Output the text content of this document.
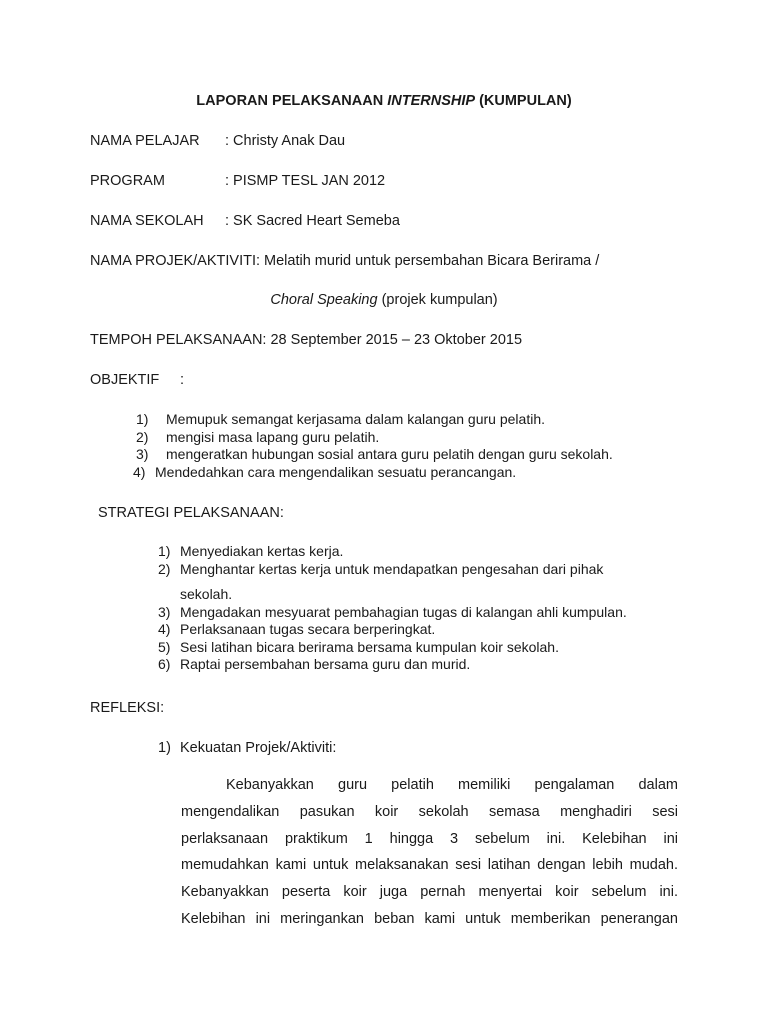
LAPORAN PELAKSANAAN INTERNSHIP (KUMPULAN)
NAMA PELAJAR : Christy Anak Dau
PROGRAM	: PISMP TESL JAN 2012
NAMA SEKOLAH : SK Sacred Heart Semeba
NAMA PROJEK/AKTIVITI: Melatih murid untuk persembahan Bicara Berirama /
Choral Speaking (projek kumpulan)
TEMPOH PELAKSANAAN: 28 September 2015 – 23 Oktober 2015
OBJEKTIF :
1) Memupuk semangat kerjasama dalam kalangan guru pelatih.
2) mengisi masa lapang guru pelatih.
3) mengeratkan hubungan sosial antara guru pelatih dengan guru sekolah.
4) Mendedahkan cara mengendalikan sesuatu perancangan.
STRATEGI PELAKSANAAN:
1) Menyediakan kertas kerja.
2) Menghantar kertas kerja untuk mendapatkan pengesahan dari pihak
sekolah.
3) Mengadakan mesyuarat pembahagian tugas di kalangan ahli kumpulan.
4) Perlaksanaan tugas secara berperingkat.
5) Sesi latihan bicara berirama bersama kumpulan koir sekolah.
6) Raptai persembahan bersama guru dan murid.
REFLEKSI:
1) Kekuatan Projek/Aktiviti:
Kebanyakkan guru pelatih memiliki pengalaman dalam
mengendalikan pasukan koir sekolah semasa menghadiri sesi
perlaksanaan praktikum 1 hingga 3 sebelum ini. Kelebihan ini
memudahkan kami untuk melaksanakan sesi latihan dengan lebih mudah.
Kebanyakkan peserta koir juga pernah menyertai koir sebelum ini.
Kelebihan ini meringankan beban kami untuk memberikan penerangan
